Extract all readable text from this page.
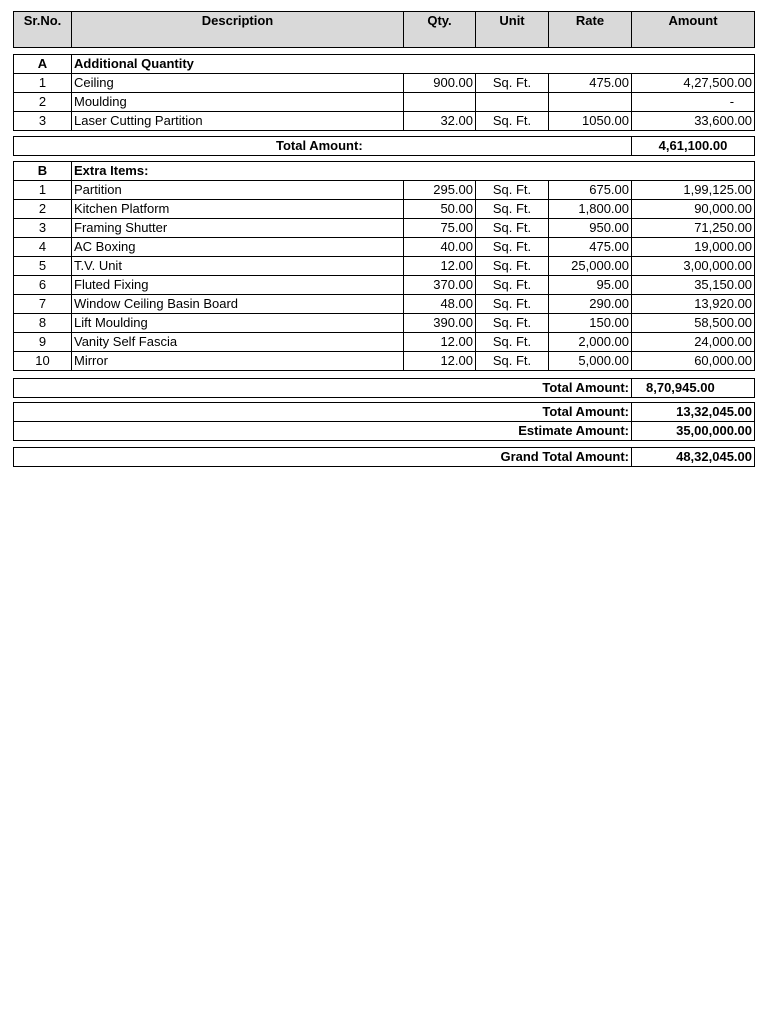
Sr.No.	Description	Qty.	Unit	Rate	Amount
A	Additional Quantity				
1	Ceiling	900.00	Sq. Ft.	475.00	4,27,500.00
2	Moulding				-
3	Laser Cutting Partition	32.00	Sq. Ft.	1050.00	33,600.00
Total Amount:	4,61,100.00
B	Extra Items:				
1	Partition	295.00	Sq. Ft.	675.00	1,99,125.00
2	Kitchen Platform	50.00	Sq. Ft.	1,800.00	90,000.00
3	Framing Shutter	75.00	Sq. Ft.	950.00	71,250.00
4	AC Boxing	40.00	Sq. Ft.	475.00	19,000.00
5	T.V. Unit	12.00	Sq. Ft.	25,000.00	3,00,000.00
6	Fluted Fixing	370.00	Sq. Ft.	95.00	35,150.00
7	Window Ceiling Basin Board	48.00	Sq. Ft.	290.00	13,920.00
8	Lift Moulding	390.00	Sq. Ft.	150.00	58,500.00
9	Vanity Self Fascia	12.00	Sq. Ft.	2,000.00	24,000.00
10	Mirror	12.00	Sq. Ft.	5,000.00	60,000.00
Total Amount:	8,70,945.00
Total Amount:	13,32,045.00
Estimate Amount:	35,00,000.00
Grand Total Amount:	48,32,045.00
